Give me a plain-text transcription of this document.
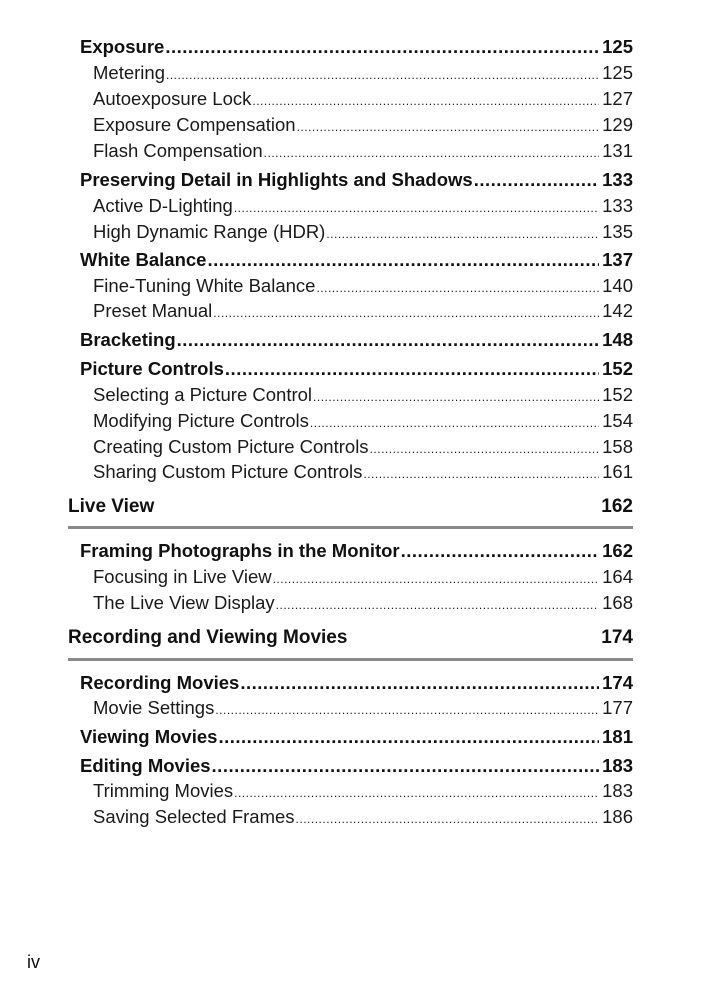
Exposure .....	125
Metering .....	125
Autoexposure Lock .....	127
Exposure Compensation .....	129
Flash Compensation .....	131
Preserving Detail in Highlights and Shadows .....	133
Active D-Lighting .....	133
High Dynamic Range (HDR) .....	135
White Balance .....	137
Fine-Tuning White Balance .....	140
Preset Manual .....	142
Bracketing .....	148
Picture Controls .....	152
Selecting a Picture Control .....	152
Modifying Picture Controls .....	154
Creating Custom Picture Controls .....	158
Sharing Custom Picture Controls .....	161
Live View	162
Framing Photographs in the Monitor .....	162
Focusing in Live View .....	164
The Live View Display .....	168
Recording and Viewing Movies	174
Recording Movies .....	174
Movie Settings .....	177
Viewing Movies .....	181
Editing Movies .....	183
Trimming Movies .....	183
Saving Selected Frames .....	186
iv
